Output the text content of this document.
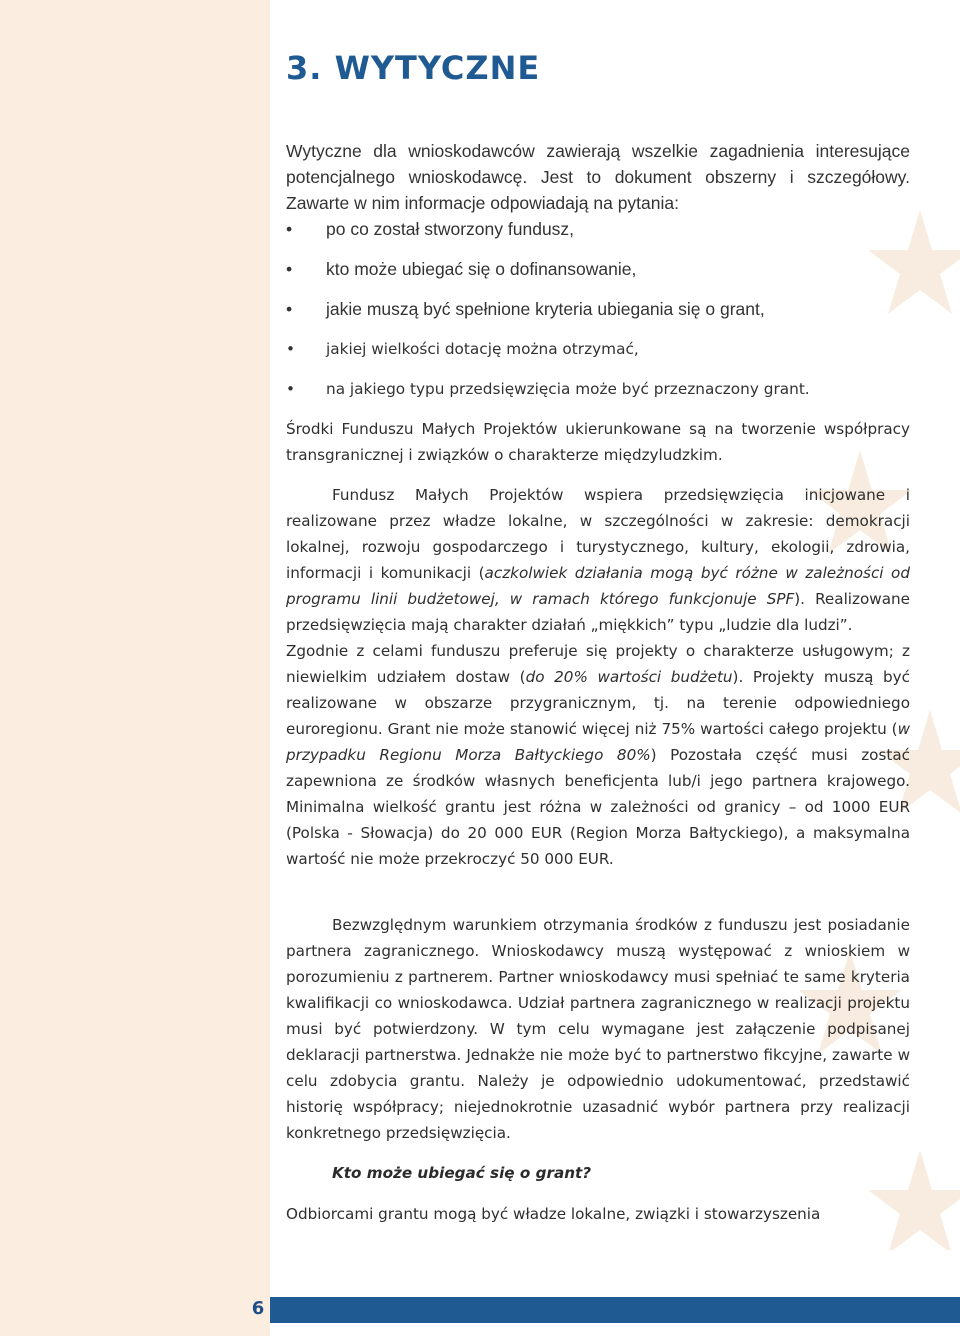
6
3. WYTYCZNE
Wytyczne dla wnioskodawców zawierają wszelkie zagadnienia interesujące potencjalnego wnioskodawcę. Jest to dokument obszerny i szczegółowy. Zawarte w nim informacje odpowiadają na pytania:
• po co został stworzony fundusz,
• kto może ubiegać się o dofinansowanie,
• jakie muszą być spełnione kryteria ubiegania się o grant,
• jakiej wielkości dotację można otrzymać,
• na jakiego typu przedsięwzięcia może być przeznaczony grant.

Środki Funduszu Małych Projektów ukierunkowane są na tworzenie współpracy transgranicznej i związków o charakterze międzyludzkim.

Fundusz Małych Projektów wspiera przedsięwzięcia inicjowane i realizowane przez władze lokalne, w szczególności w zakresie: demokracji lokalnej, rozwoju gospodarczego i turystycznego, kultury, ekologii, zdrowia, informacji i komunikacji (aczkolwiek działania mogą być różne w zależności od programu linii budżetowej, w ramach którego funkcjonuje SPF). Realizowane przedsięwzięcia mają charakter działań „miękkich” typu „ludzie dla ludzi”.

Zgodnie z celami funduszu preferuje się projekty o charakterze usługowym; z niewielkim udziałem dostaw (do 20% wartości budżetu). Projekty muszą być realizowane w obszarze przygranicznym, tj. na terenie odpowiedniego euroregionu. Grant nie może stanowić więcej niż 75% wartości całego projektu (w przypadku Regionu Morza Bałtyckiego 80%) Pozostała część musi zostać zapewniona ze środków własnych beneficjenta lub/i jego partnera krajowego. Minimalna wielkość grantu jest różna w zależności od granicy – od 1000 EUR (Polska - Słowacja) do 20 000 EUR (Region Morza Bałtyckiego), a maksymalna wartość nie może przekroczyć 50 000 EUR.

Bezwzględnym warunkiem otrzymania środków z funduszu jest posiadanie partnera zagranicznego. Wnioskodawcy muszą występować z wnioskiem w porozumieniu z partnerem. Partner wnioskodawcy musi spełniać te same kryteria kwalifikacji co wnioskodawca. Udział partnera zagranicznego w realizacji projektu musi być potwierdzony. W tym celu wymagane jest załączenie podpisanej deklaracji partnerstwa. Jednakże nie może być to partnerstwo fikcyjne, zawarte w celu zdobycia grantu. Należy je odpowiednio udokumentować, przedstawić historię współpracy; niejednokrotnie uzasadnić wybór partnera przy realizacji konkretnego przedsięwzięcia.

Kto może ubiegać się o grant?

Odbiorcami grantu mogą być władze lokalne, związki i stowarzyszenia
